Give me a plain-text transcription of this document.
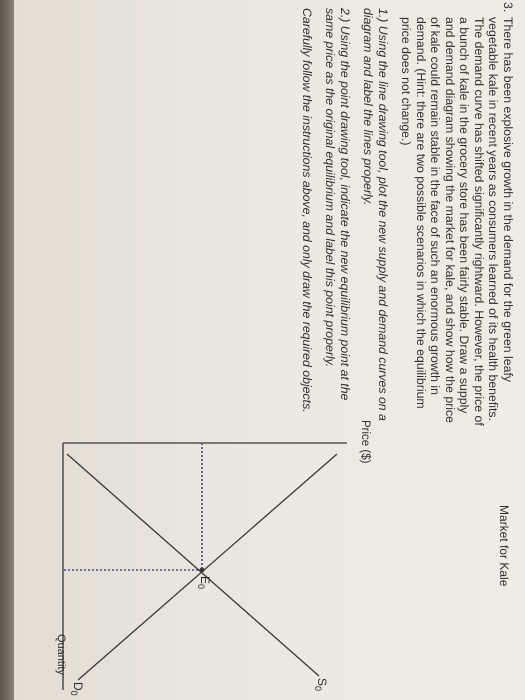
3.

There has been explosive growth in the demand for the green leafy vegetable kale in recent years as consumers learned of its health benefits. The demand curve has shifted significantly rightward. However, the price of a bunch of kale in the grocery store has been fairly stable. Draw a supply and demand diagram showing the market for kale, and show how the price of kale could remain stable in the face of such an enormous growth in demand. (Hint: there are two possible scenarios in which the equilibrium price does not change.)

1.) Using the line drawing tool, plot the new supply and demand curves on a diagram and label the lines properly.

2.) Using the point drawing tool, indicate the new equilibrium point at the same price as the original equilibrium and label this point properly.

Carefully follow the instructions above, and only draw the required objects.

Market for Kale
Price ($)
Quantity
$S_0$
$D_0$
$E_0$
